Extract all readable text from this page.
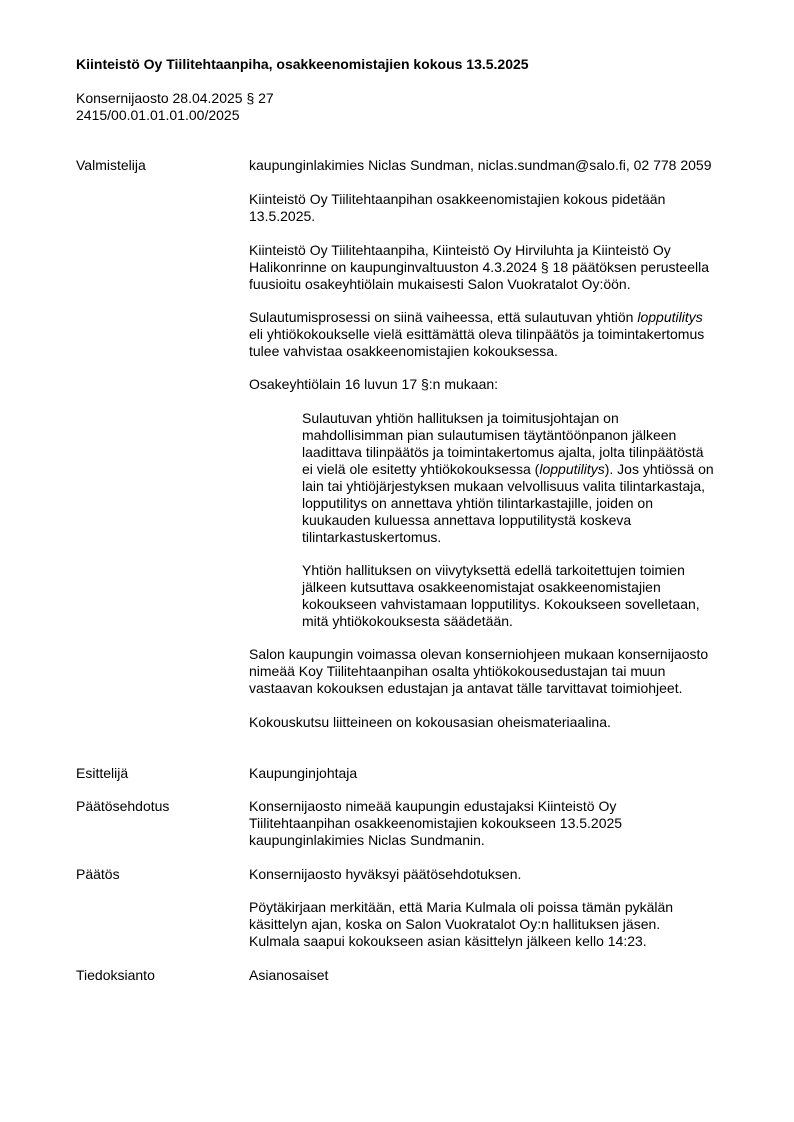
Kiinteistö Oy Tiilitehtaanpiha, osakkeenomistajien kokous 13.5.2025
Konsernijaosto 28.04.2025 § 27
2415/00.01.01.01.00/2025
Valmistelija	kaupunginlakimies Niclas Sundman, niclas.sundman@salo.fi, 02 778 2059
Kiinteistö Oy Tiilitehtaanpihan osakkeenomistajien kokous pidetään
13.5.2025.
Kiinteistö Oy Tiilitehtaanpiha, Kiinteistö Oy Hirviluhta ja Kiinteistö Oy
Halikonrinne on kaupunginvaltuuston 4.3.2024 § 18 päätöksen perusteella
fuusioitu osakeyhtiölain mukaisesti Salon Vuokratalot Oy:öön.
Sulautumisprosessi on siinä vaiheessa, että sulautuvan yhtiön lopputilitys
eli yhtiökokoukselle vielä esittämättä oleva tilinpäätös ja toimintakertomus
tulee vahvistaa osakkeenomistajien kokouksessa.
Osakeyhtiölain 16 luvun 17 §:n mukaan:
Sulautuvan yhtiön hallituksen ja toimitusjohtajan on
mahdollisimman pian sulautumisen täytäntöönpanon jälkeen
laadittava tilinpäätös ja toimintakertomus ajalta, jolta tilinpäätöstä
ei vielä ole esitetty yhtiökokouksessa (lopputilitys). Jos yhtiössä on
lain tai yhtiöjärjestyksen mukaan velvollisuus valita tilintarkastaja,
lopputilitys on annettava yhtiön tilintarkastajille, joiden on
kuukauden kuluessa annettava lopputilitystä koskeva
tilintarkastuskertomus.
Yhtiön hallituksen on viivytyksettä edellä tarkoitettujen toimien
jälkeen kutsuttava osakkeenomistajat osakkeenomistajien
kokoukseen vahvistamaan lopputilitys. Kokoukseen sovelletaan,
mitä yhtiökokouksesta säädetään.
Salon kaupungin voimassa olevan konserniohjeen mukaan konsernijaosto
nimeää Koy Tiilitehtaanpihan osalta yhtiökokousedustajan tai muun
vastaavan kokouksen edustajan ja antavat tälle tarvittavat toimiohjeet.
Kokouskutsu liitteineen on kokousasian oheismateriaalina.
Esittelijä	Kaupunginjohtaja
Päätösehdotus	Konsernijaosto nimeää kaupungin edustajaksi Kiinteistö Oy
Tiilitehtaanpihan osakkeenomistajien kokoukseen 13.5.2025
kaupunginlakimies Niclas Sundmanin.
Päätös	Konsernijaosto hyväksyi päätösehdotuksen.
Pöytäkirjaan merkitään, että Maria Kulmala oli poissa tämän pykälän
käsittelyn ajan, koska on Salon Vuokratalot Oy:n hallituksen jäsen.
Kulmala saapui kokoukseen asian käsittelyn jälkeen kello 14:23.
Tiedoksianto	Asianosaiset
